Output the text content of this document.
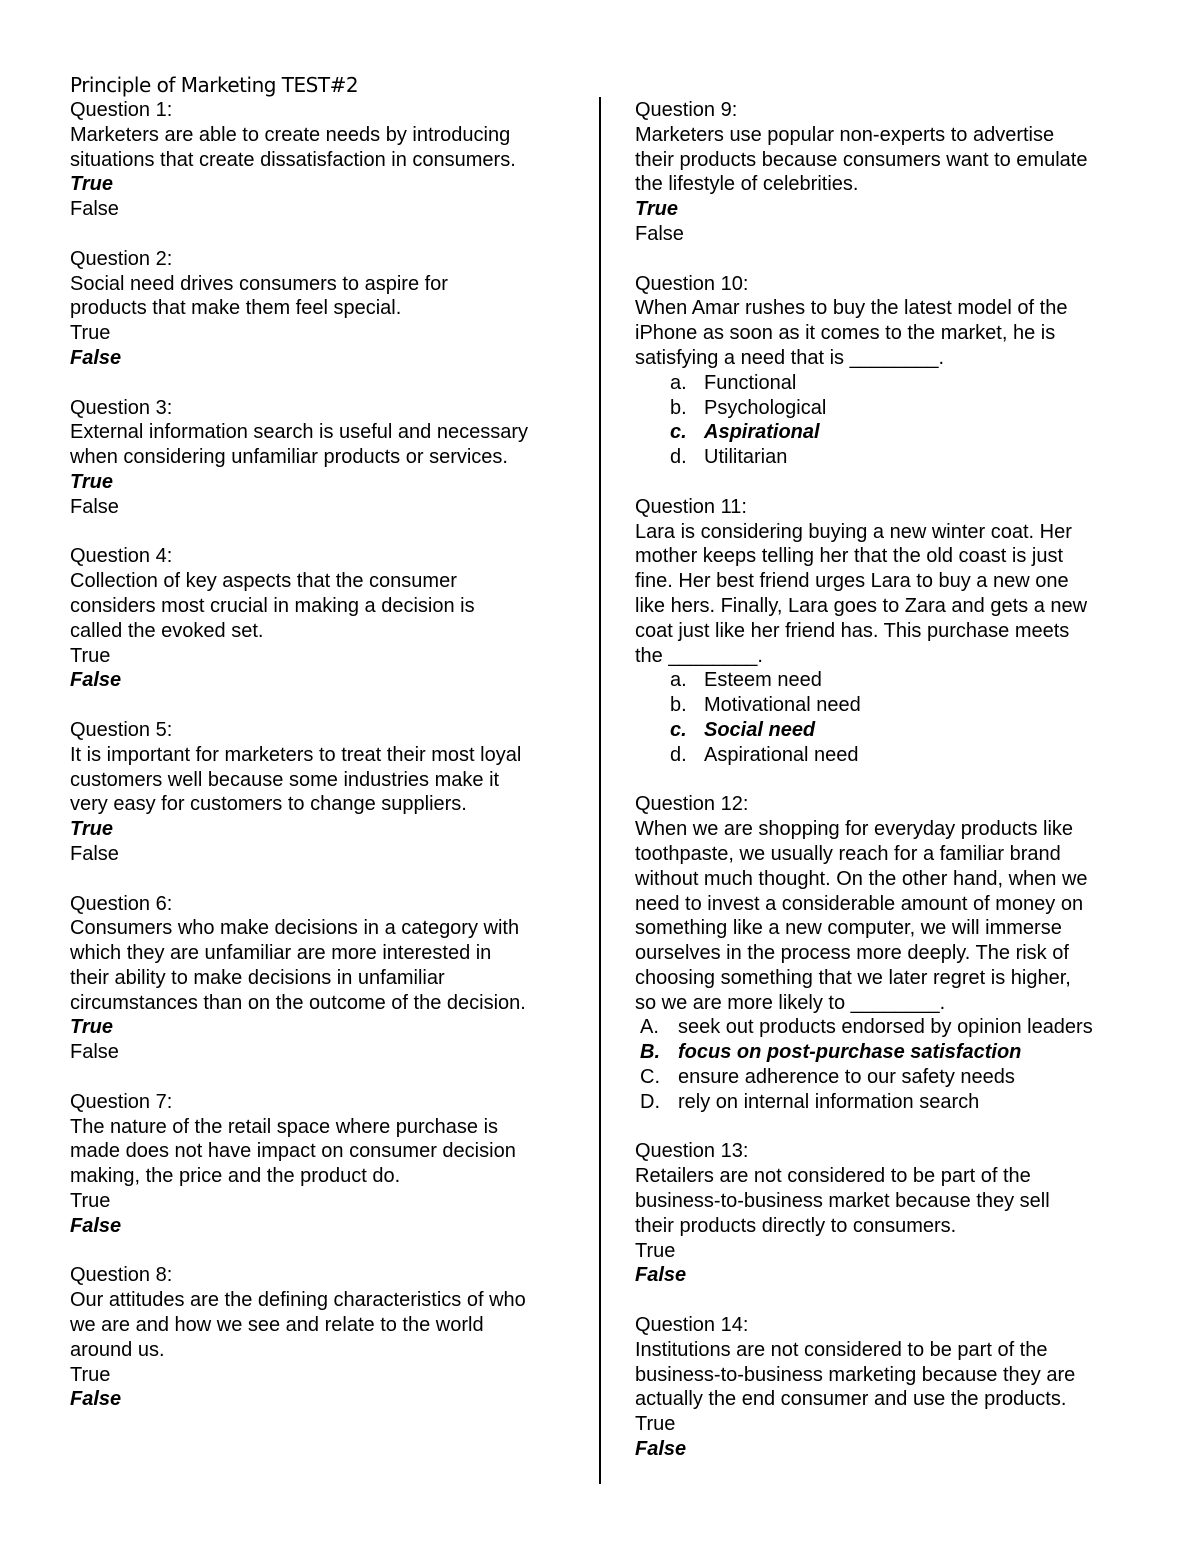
Principle of Marketing TEST#2
Question 1:
Marketers are able to create needs by introducing
situations that create dissatisfaction in consumers.
True
False
Question 2:
Social need drives consumers to aspire for
products that make them feel special.
True
False
Question 3:
External information search is useful and necessary
when considering unfamiliar products or services.
True
False
Question 4:
Collection of key aspects that the consumer
considers most crucial in making a decision is
called the evoked set.
True
False
Question 5:
It is important for marketers to treat their most loyal
customers well because some industries make it
very easy for customers to change suppliers.
True
False
Question 6:
Consumers who make decisions in a category with
which they are unfamiliar are more interested in
their ability to make decisions in unfamiliar
circumstances than on the outcome of the decision.
True
False
Question 7:
The nature of the retail space where purchase is
made does not have impact on consumer decision
making, the price and the product do.
True
False
Question 8:
Our attitudes are the defining characteristics of who
we are and how we see and relate to the world
around us.
True
False
Question 9:
Marketers use popular non-experts to advertise
their products because consumers want to emulate
the lifestyle of celebrities.
True
False
Question 10:
When Amar rushes to buy the latest model of the
iPhone as soon as it comes to the market, he is
satisfying a need that is ________.
a. Functional
b. Psychological
c. Aspirational
d. Utilitarian
Question 11:
Lara is considering buying a new winter coat. Her
mother keeps telling her that the old coast is just
fine. Her best friend urges Lara to buy a new one
like hers. Finally, Lara goes to Zara and gets a new
coat just like her friend has. This purchase meets
the ________.
a. Esteem need
b. Motivational need
c. Social need
d. Aspirational need
Question 12:
When we are shopping for everyday products like
toothpaste, we usually reach for a familiar brand
without much thought. On the other hand, when we
need to invest a considerable amount of money on
something like a new computer, we will immerse
ourselves in the process more deeply. The risk of
choosing something that we later regret is higher,
so we are more likely to ________.
A. seek out products endorsed by opinion leaders
B. focus on post-purchase satisfaction
C. ensure adherence to our safety needs
D. rely on internal information search
Question 13:
Retailers are not considered to be part of the
business-to-business market because they sell
their products directly to consumers.
True
False
Question 14:
Institutions are not considered to be part of the
business-to-business marketing because they are
actually the end consumer and use the products.
True
False
